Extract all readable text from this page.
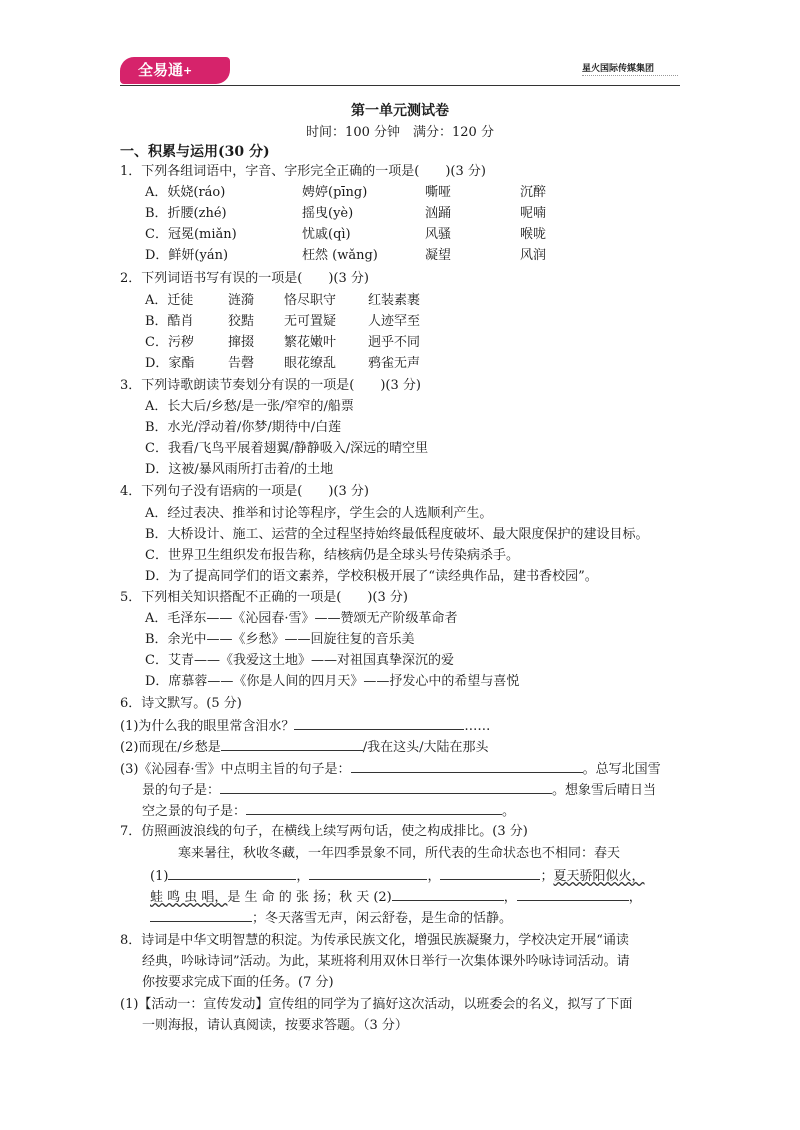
全易通+	星火国际传媒集团
第一单元测试卷
时间：100 分钟　满分：120 分
一、积累与运用(30 分)
1．下列各组词语中，字音、字形完全正确的一项是(　　)(3 分)
A．妖娆(ráo)	娉婷(pīng)	嘶哑	沉醉
B．折腰(zhé)	摇曳(yè)	汹踊	呢喃
C．冠冕(miǎn)	忧戚(qì)	风骚	喉咙
D．鲜妍(yán)	枉然 (wǎng)	凝望	风润
2．下列词语书写有误的一项是(　　)(3 分)
A．迁徒	涟漪 恪尽职守 红装素裹
B．酷肖	狡黠 无可置疑 人迹罕至
C．污秽	撺掇 繁花嫩叶 迥乎不同
D．家酯	告磬 眼花缭乱 鸦雀无声
3．下列诗歌朗读节奏划分有误的一项是(　　)(3 分)
A．长大后/乡愁/是一张/窄窄的/船票
B．水光/浮动着/你梦/期待中/白莲
C．我看/飞鸟平展着翅翼/静静吸入/深远的晴空里
D．这被/暴风雨所打击着/的土地
4．下列句子没有语病的一项是(　　)(3 分)
A．经过表决、推举和讨论等程序，学生会的人选顺利产生。
B．大桥设计、施工、运营的全过程坚持始终最低程度破坏、最大限度保护的建设目标。
C．世界卫生组织发布报告称，结核病仍是全球头号传染病杀手。
D．为了提高同学们的语文素养，学校积极开展了“读经典作品，建书香校园”。
5．下列相关知识搭配不正确的一项是(　　)(3 分)
A．毛泽东——《沁园春·雪》——赞颂无产阶级革命者
B．余光中——《乡愁》——回旋往复的音乐美
C．艾青——《我爱这土地》——对祖国真挚深沉的爱
D．席慕蓉——《你是人间的四月天》——抒发心中的希望与喜悦
6．诗文默写。(5 分)
(1)为什么我的眼里常含泪水？	……
(2)而现在/乡愁是	/我在这头/大陆在那头
(3)《沁园春·雪》中点明主旨的句子是：	。总写北国雪
景的句子是：	。想象雪后晴日当
空之景的句子是：	。
7．仿照画波浪线的句子，在横线上续写两句话，使之构成排比。(3 分)
寒来暑往，秋收冬藏，一年四季景象不同，所代表的生命状态也不相同：春天
(1)	，	，	；夏天骄阳似火，
蛙 鸣 虫 唱，是 生 命 的 张 扬；秋 天 (2)	，	，
；冬天落雪无声，闲云舒卷，是生命的恬静。
8．诗词是中华文明智慧的积淀。为传承民族文化，增强民族凝聚力，学校决定开展“诵读
经典，吟咏诗词”活动。为此，某班将利用双休日举行一次集体课外吟咏诗词活动。请
你按要求完成下面的任务。(7 分)
(1)【活动一：宣传发动】宣传组的同学为了搞好这次活动，以班委会的名义，拟写了下面
一则海报，请认真阅读，按要求答题。（3 分）
